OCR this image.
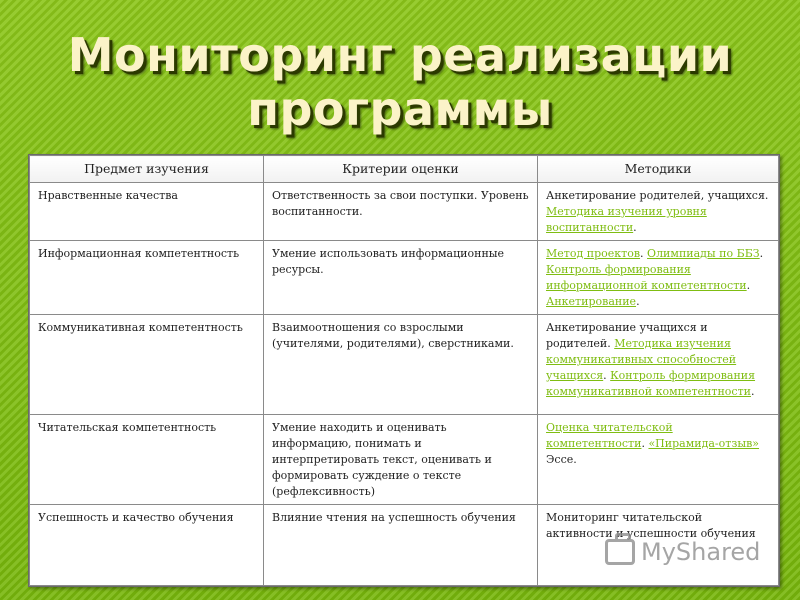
Мониторинг реализации
программы
Предмет изучения	Критерии оценки	Методики
Нравственные качества	Ответственность за свои поступки. Уровень воспитанности.	Анкетирование родителей, учащихся. Методика изучения уровня воспитанности.
Информационная компетентность	Умение использовать информационные ресурсы.	Метод проектов. Олимпиады по ББЗ. Контроль формирования информационной компетентности. Анкетирование.
Коммуникативная компетентность	Взаимоотношения со взрослыми (учителями, родителями), сверстниками.	Анкетирование учащихся и родителей. Методика изучения коммуникативных способностей учащихся. Контроль формирования коммуникативной компетентности.
Читательская компетентность	Умение находить и оценивать информацию, понимать и интерпретировать текст, оценивать и формировать суждение о тексте (рефлексивность)	Оценка читательской компетентности. «Пирамида-отзыв» Эссе.
Успешность и качество обучения	Влияние чтения на успешность обучения	Мониторинг читательской активности и успешности обучения
MyShared
